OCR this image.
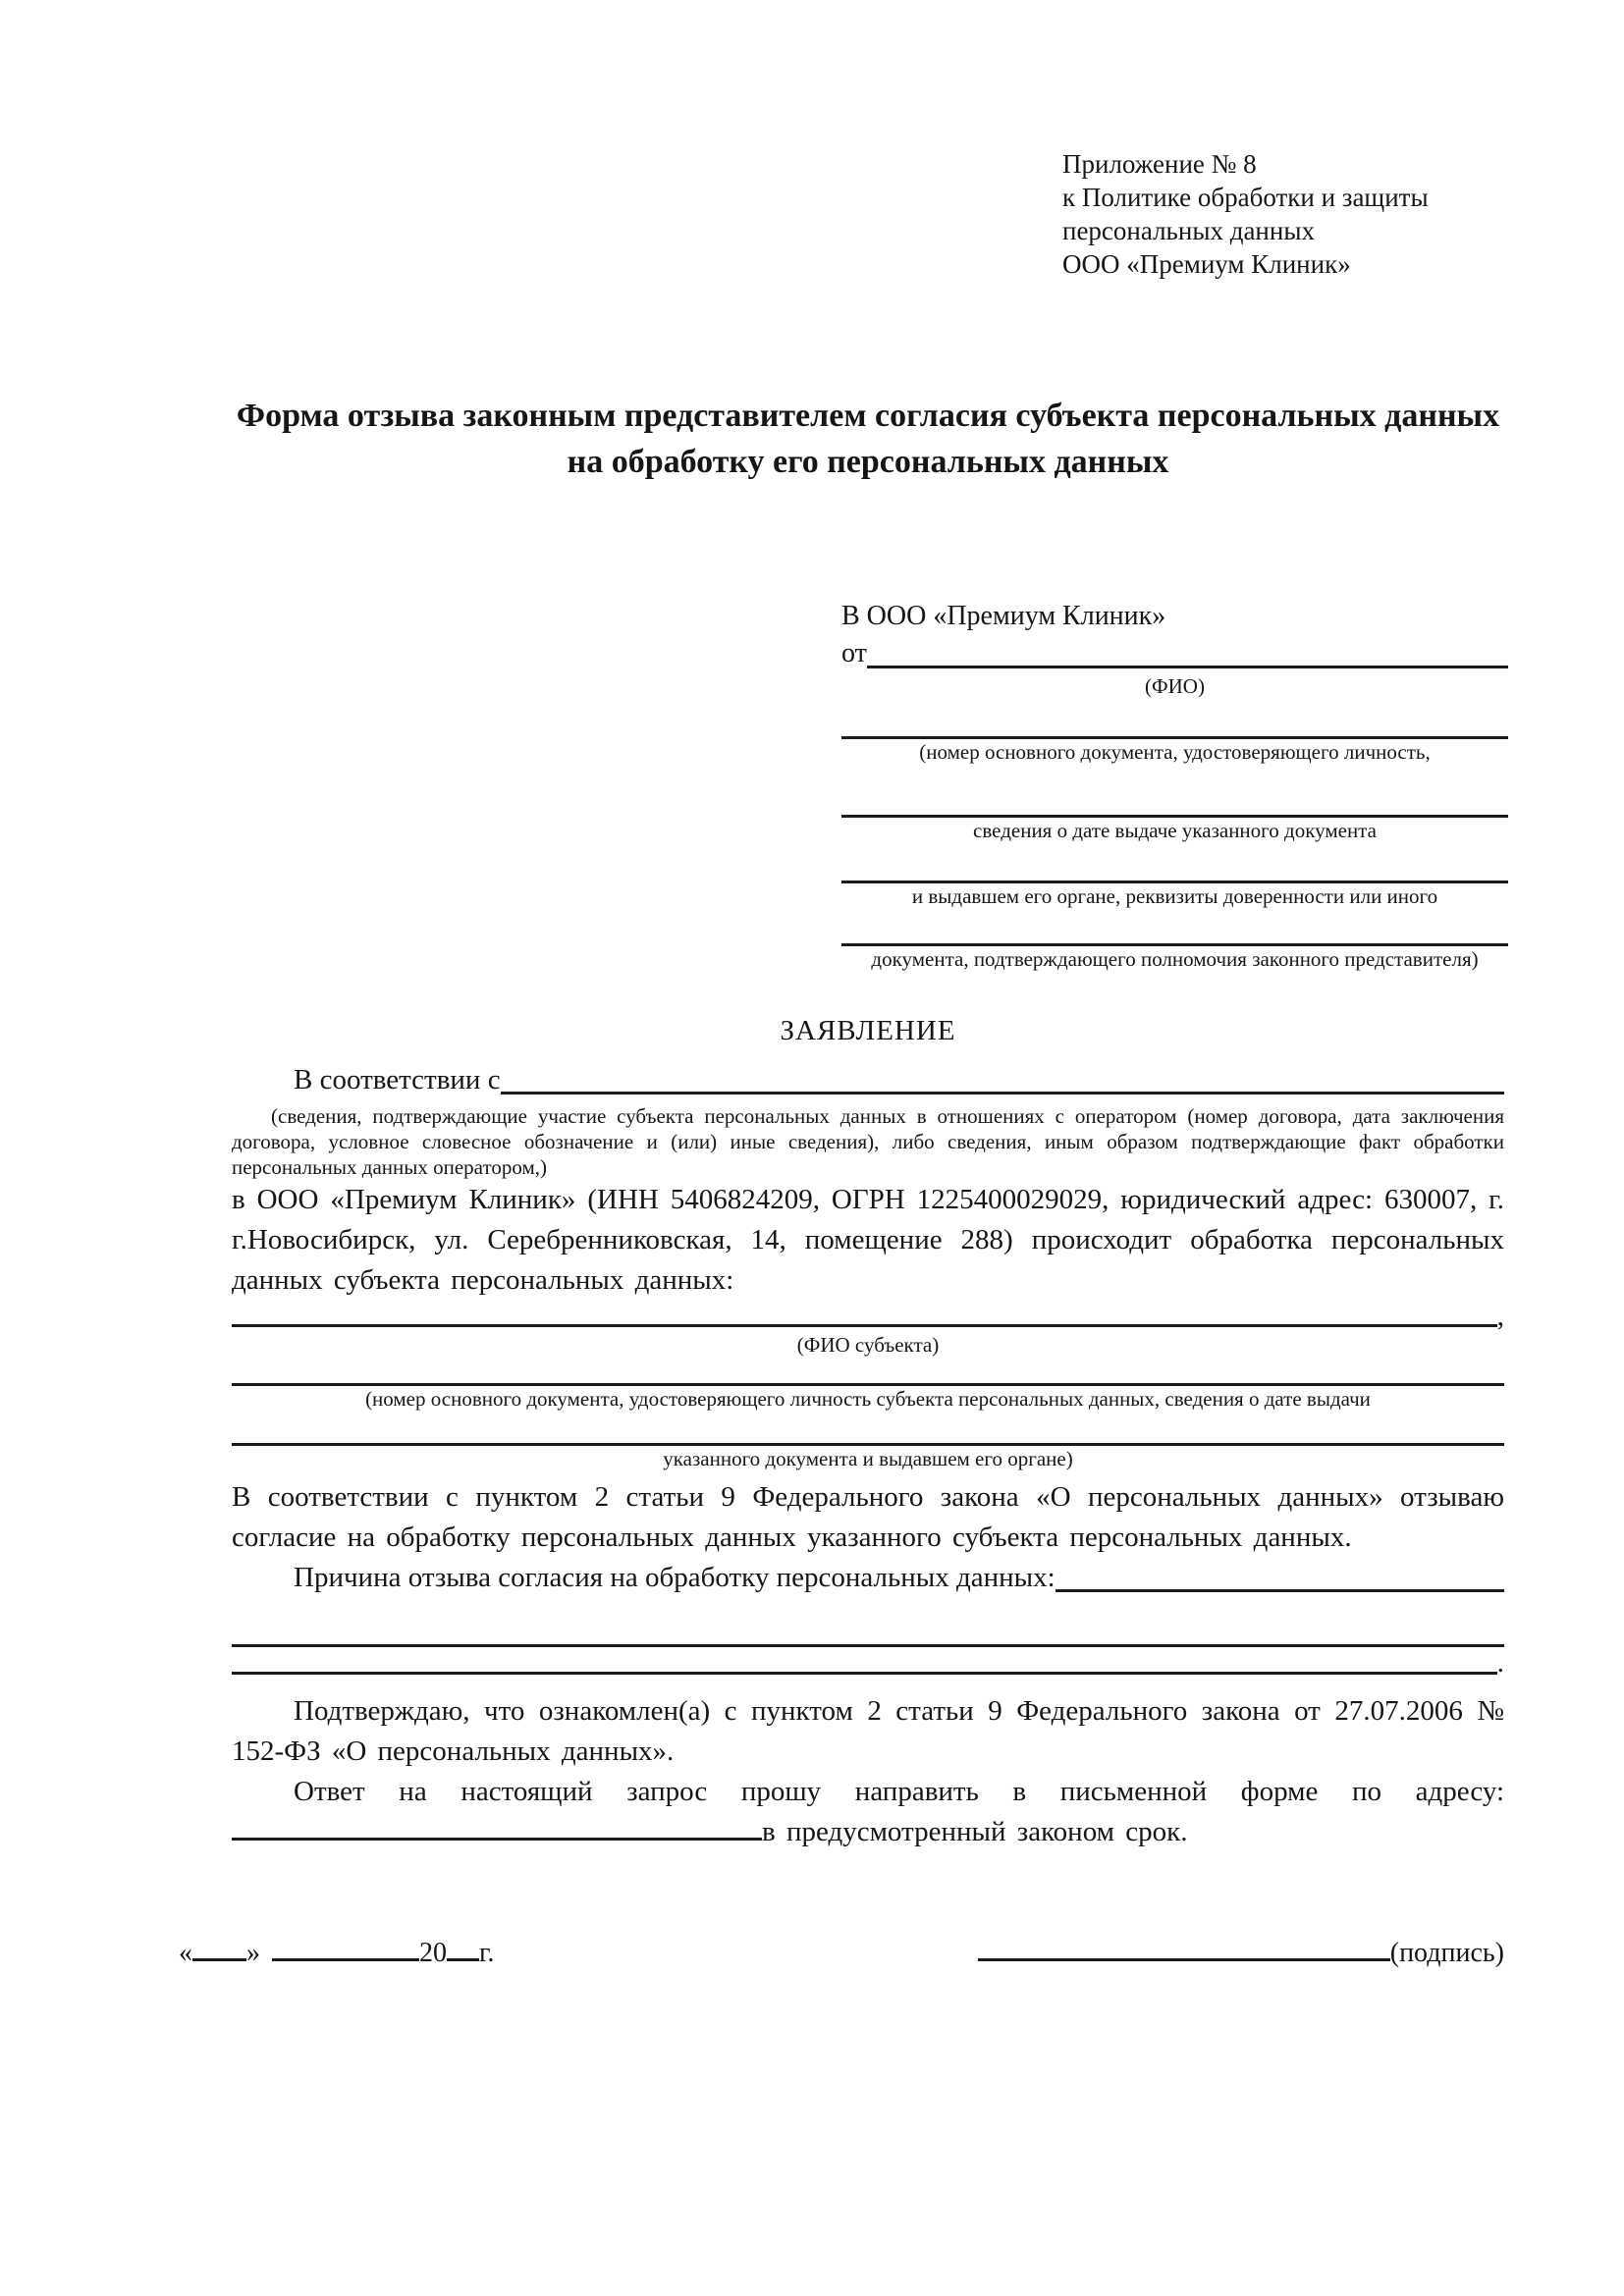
Приложение № 8
к Политике обработки и защиты
персональных данных
ООО «Премиум Клиник»
Форма отзыва законным представителем согласия субъекта персональных данных на обработку его персональных данных
В ООО «Премиум Клиник»
от
(ФИО)
(номер основного документа, удостоверяющего личность,
сведения о дате выдаче указанного документа
и выдавшем его органе, реквизиты доверенности или иного
документа, подтверждающего полномочия законного представителя)
ЗАЯВЛЕНИЕ
В соответствии с
(сведения, подтверждающие участие субъекта персональных данных в отношениях с оператором (номер договора, дата заключения договора, условное словесное обозначение и (или) иные сведения), либо сведения, иным образом подтверждающие факт обработки персональных данных оператором,)

в ООО «Премиум Клиник» (ИНН 5406824209, ОГРН 1225400029029, юридический адрес: 630007, г. г.Новосибирск, ул. Серебренниковская, 14, помещение 288) происходит обработка персональных данных субъекта персональных данных:

,
(ФИО субъекта)
(номер основного документа, удостоверяющего личность субъекта персональных данных, сведения о дате выдачи
указанного документа и выдавшем его органе)

В соответствии с пунктом 2 статьи 9 Федерального закона «О персональных данных» отзываю согласие на обработку персональных данных указанного субъекта персональных данных.

Причина отзыва согласия на обработку персональных данных:
.

Подтверждаю, что ознакомлен(а) с пунктом 2 статьи 9 Федерального закона от 27.07.2006 № 152-ФЗ «О персональных данных».

Ответ на настоящий запрос прошу направить в письменной форме по адресу: в предусмотренный законом срок.

« »	20 г.	(подпись)
